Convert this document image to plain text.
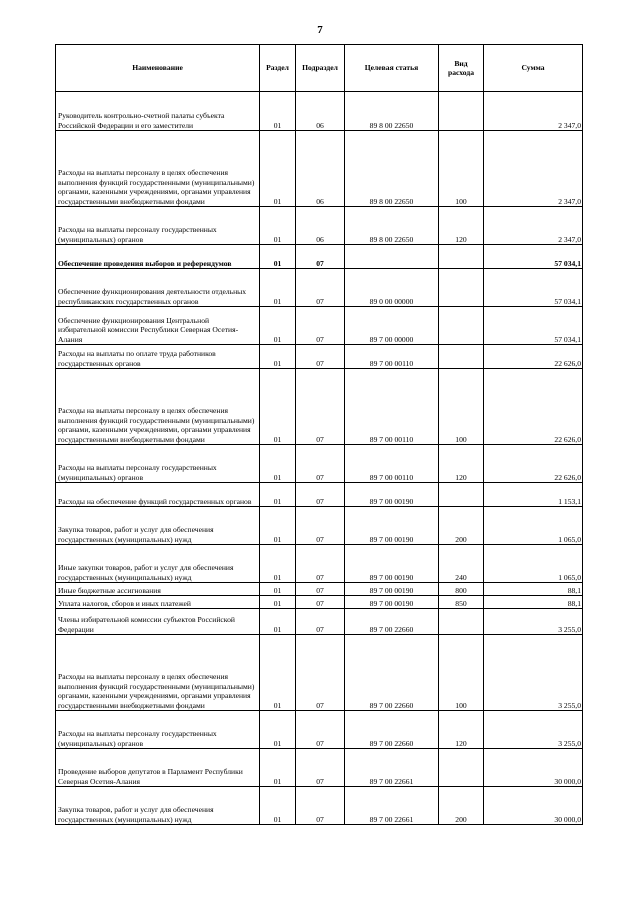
7
Наименование	Раздел	Подраздел	Целевая статья	Вид расхода	Сумма
Руководитель контрольно-счетной палаты субъекта Российской Федерации и его заместители	01	06	89 8 00 22650		2 347,0
Расходы на выплаты персоналу в целях обеспечения выполнения функций государственными (муниципальными) органами, казенными учреждениями, органами управления государственными внебюджетными фондами	01	06	89 8 00 22650	100	2 347,0
Расходы на выплаты персоналу государственных (муниципальных) органов	01	06	89 8 00 22650	120	2 347,0
Обеспечение проведения выборов и референдумов	01	07			57 034,1
Обеспечение функционирования деятельности отдельных республиканских государственных органов	01	07	89 0 00 00000		57 034,1
Обеспечение функционирования Центральной избирательной комиссии Республики Северная Осетия-Алания	01	07	89 7 00 00000		57 034,1
Расходы на выплаты по оплате труда работников государственных органов	01	07	89 7 00 00110		22 626,0
Расходы на выплаты персоналу в целях обеспечения выполнения функций государственными (муниципальными) органами, казенными учреждениями, органами управления государственными внебюджетными фондами	01	07	89 7 00 00110	100	22 626,0
Расходы на выплаты персоналу государственных (муниципальных) органов	01	07	89 7 00 00110	120	22 626,0
Расходы на обеспечение функций государственных органов	01	07	89 7 00 00190		1 153,1
Закупка товаров, работ и услуг для обеспечения государственных (муниципальных) нужд	01	07	89 7 00 00190	200	1 065,0
Иные закупки товаров, работ и услуг для обеспечения государственных (муниципальных) нужд	01	07	89 7 00 00190	240	1 065,0
Иные бюджетные ассигнования	01	07	89 7 00 00190	800	88,1
Уплата налогов, сборов и иных платежей	01	07	89 7 00 00190	850	88,1
Члены избирательной комиссии субъектов Российской Федерации	01	07	89 7 00 22660		3 255,0
Расходы на выплаты персоналу в целях обеспечения выполнения функций государственными (муниципальными) органами, казенными учреждениями, органами управления государственными внебюджетными фондами	01	07	89 7 00 22660	100	3 255,0
Расходы на выплаты персоналу государственных (муниципальных) органов	01	07	89 7 00 22660	120	3 255,0
Проведение выборов депутатов в Парламент Республики Северная Осетия-Алания	01	07	89 7 00 22661		30 000,0
Закупка товаров, работ и услуг для обеспечения государственных (муниципальных) нужд	01	07	89 7 00 22661	200	30 000,0
